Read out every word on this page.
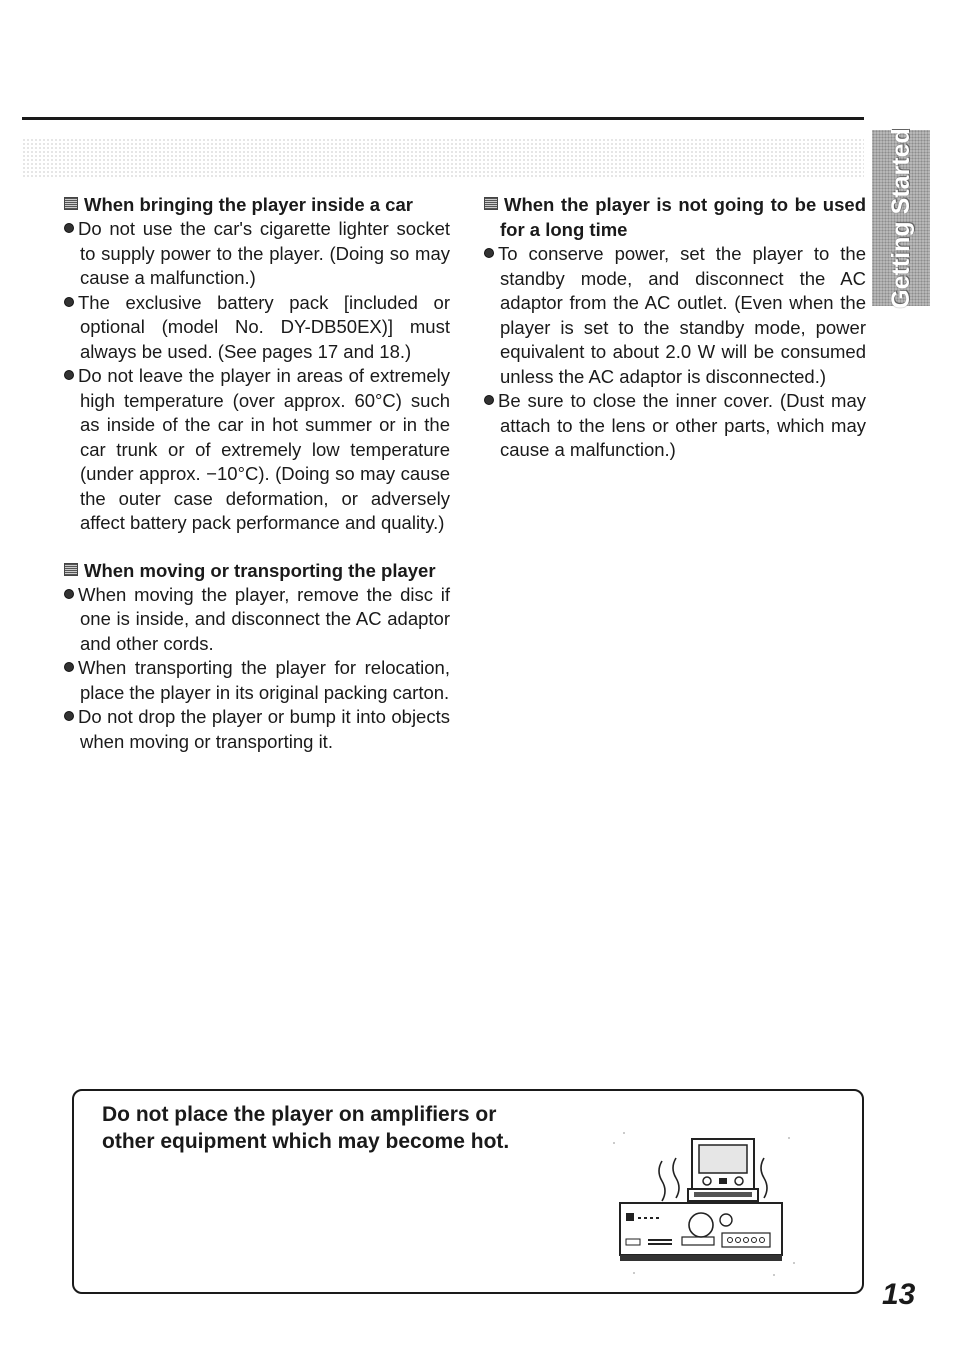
Getting Started
When bringing the player inside a car
Do not use the car's cigarette lighter socket to supply power to the player. (Doing so may cause a malfunction.)
The exclusive battery pack [included or optional (model No. DY-DB50EX)] must always be used. (See pages 17 and 18.)
Do not leave the player in areas of extremely high temperature (over approx. 60°C) such as inside of the car in hot summer or in the car trunk or of extremely low temperature (under approx. −10°C). (Doing so may cause the outer case deformation, or adversely affect battery pack performance and quality.)
When moving or transporting the player
When moving the player, remove the disc if one is inside, and disconnect the AC adaptor and other cords.
When transporting the player for relocation, place the player in its original packing carton.
Do not drop the player or bump it into objects when moving or transporting it.
When the player is not going to be used for a long time
To conserve power, set the player to the standby mode, and disconnect the AC adaptor from the AC outlet. (Even when the player is set to the standby mode, power equivalent to about 2.0 W will be consumed unless the AC adaptor is disconnected.)
Be sure to close the inner cover. (Dust may attach to the lens or other parts, which may cause a malfunction.)
Do not place the player on amplifiers or other equipment which may become hot.
13
